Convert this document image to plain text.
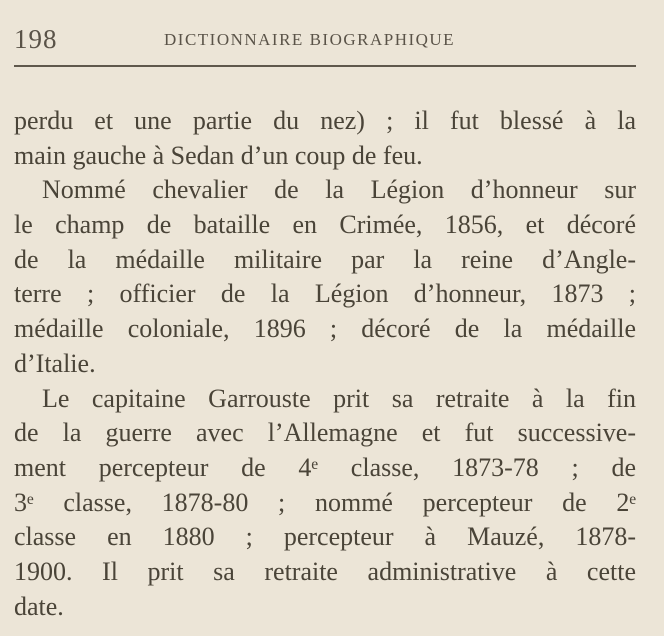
198	DICTIONNAIRE BIOGRAPHIQUE
perdu et une partie du nez) ; il fut blessé à la
main gauche à Sedan d’un coup de feu.
Nommé chevalier de la Légion d’honneur sur
le champ de bataille en Crimée, 1856, et décoré
de la médaille militaire par la reine d’Angle-
terre ; officier de la Légion d’honneur, 1873 ;
médaille coloniale, 1896 ; décoré de la médaille
d’Italie.
Le capitaine Garrouste prit sa retraite à la fin
de la guerre avec l’Allemagne et fut successive-
ment percepteur de 4ᵉ classe, 1873-78 ; de
3ᵉ classe, 1878-80 ; nommé percepteur de 2ᵉ
classe en 1880 ; percepteur à Mauzé, 1878-
1900. Il prit sa retraite administrative à cette
date.
